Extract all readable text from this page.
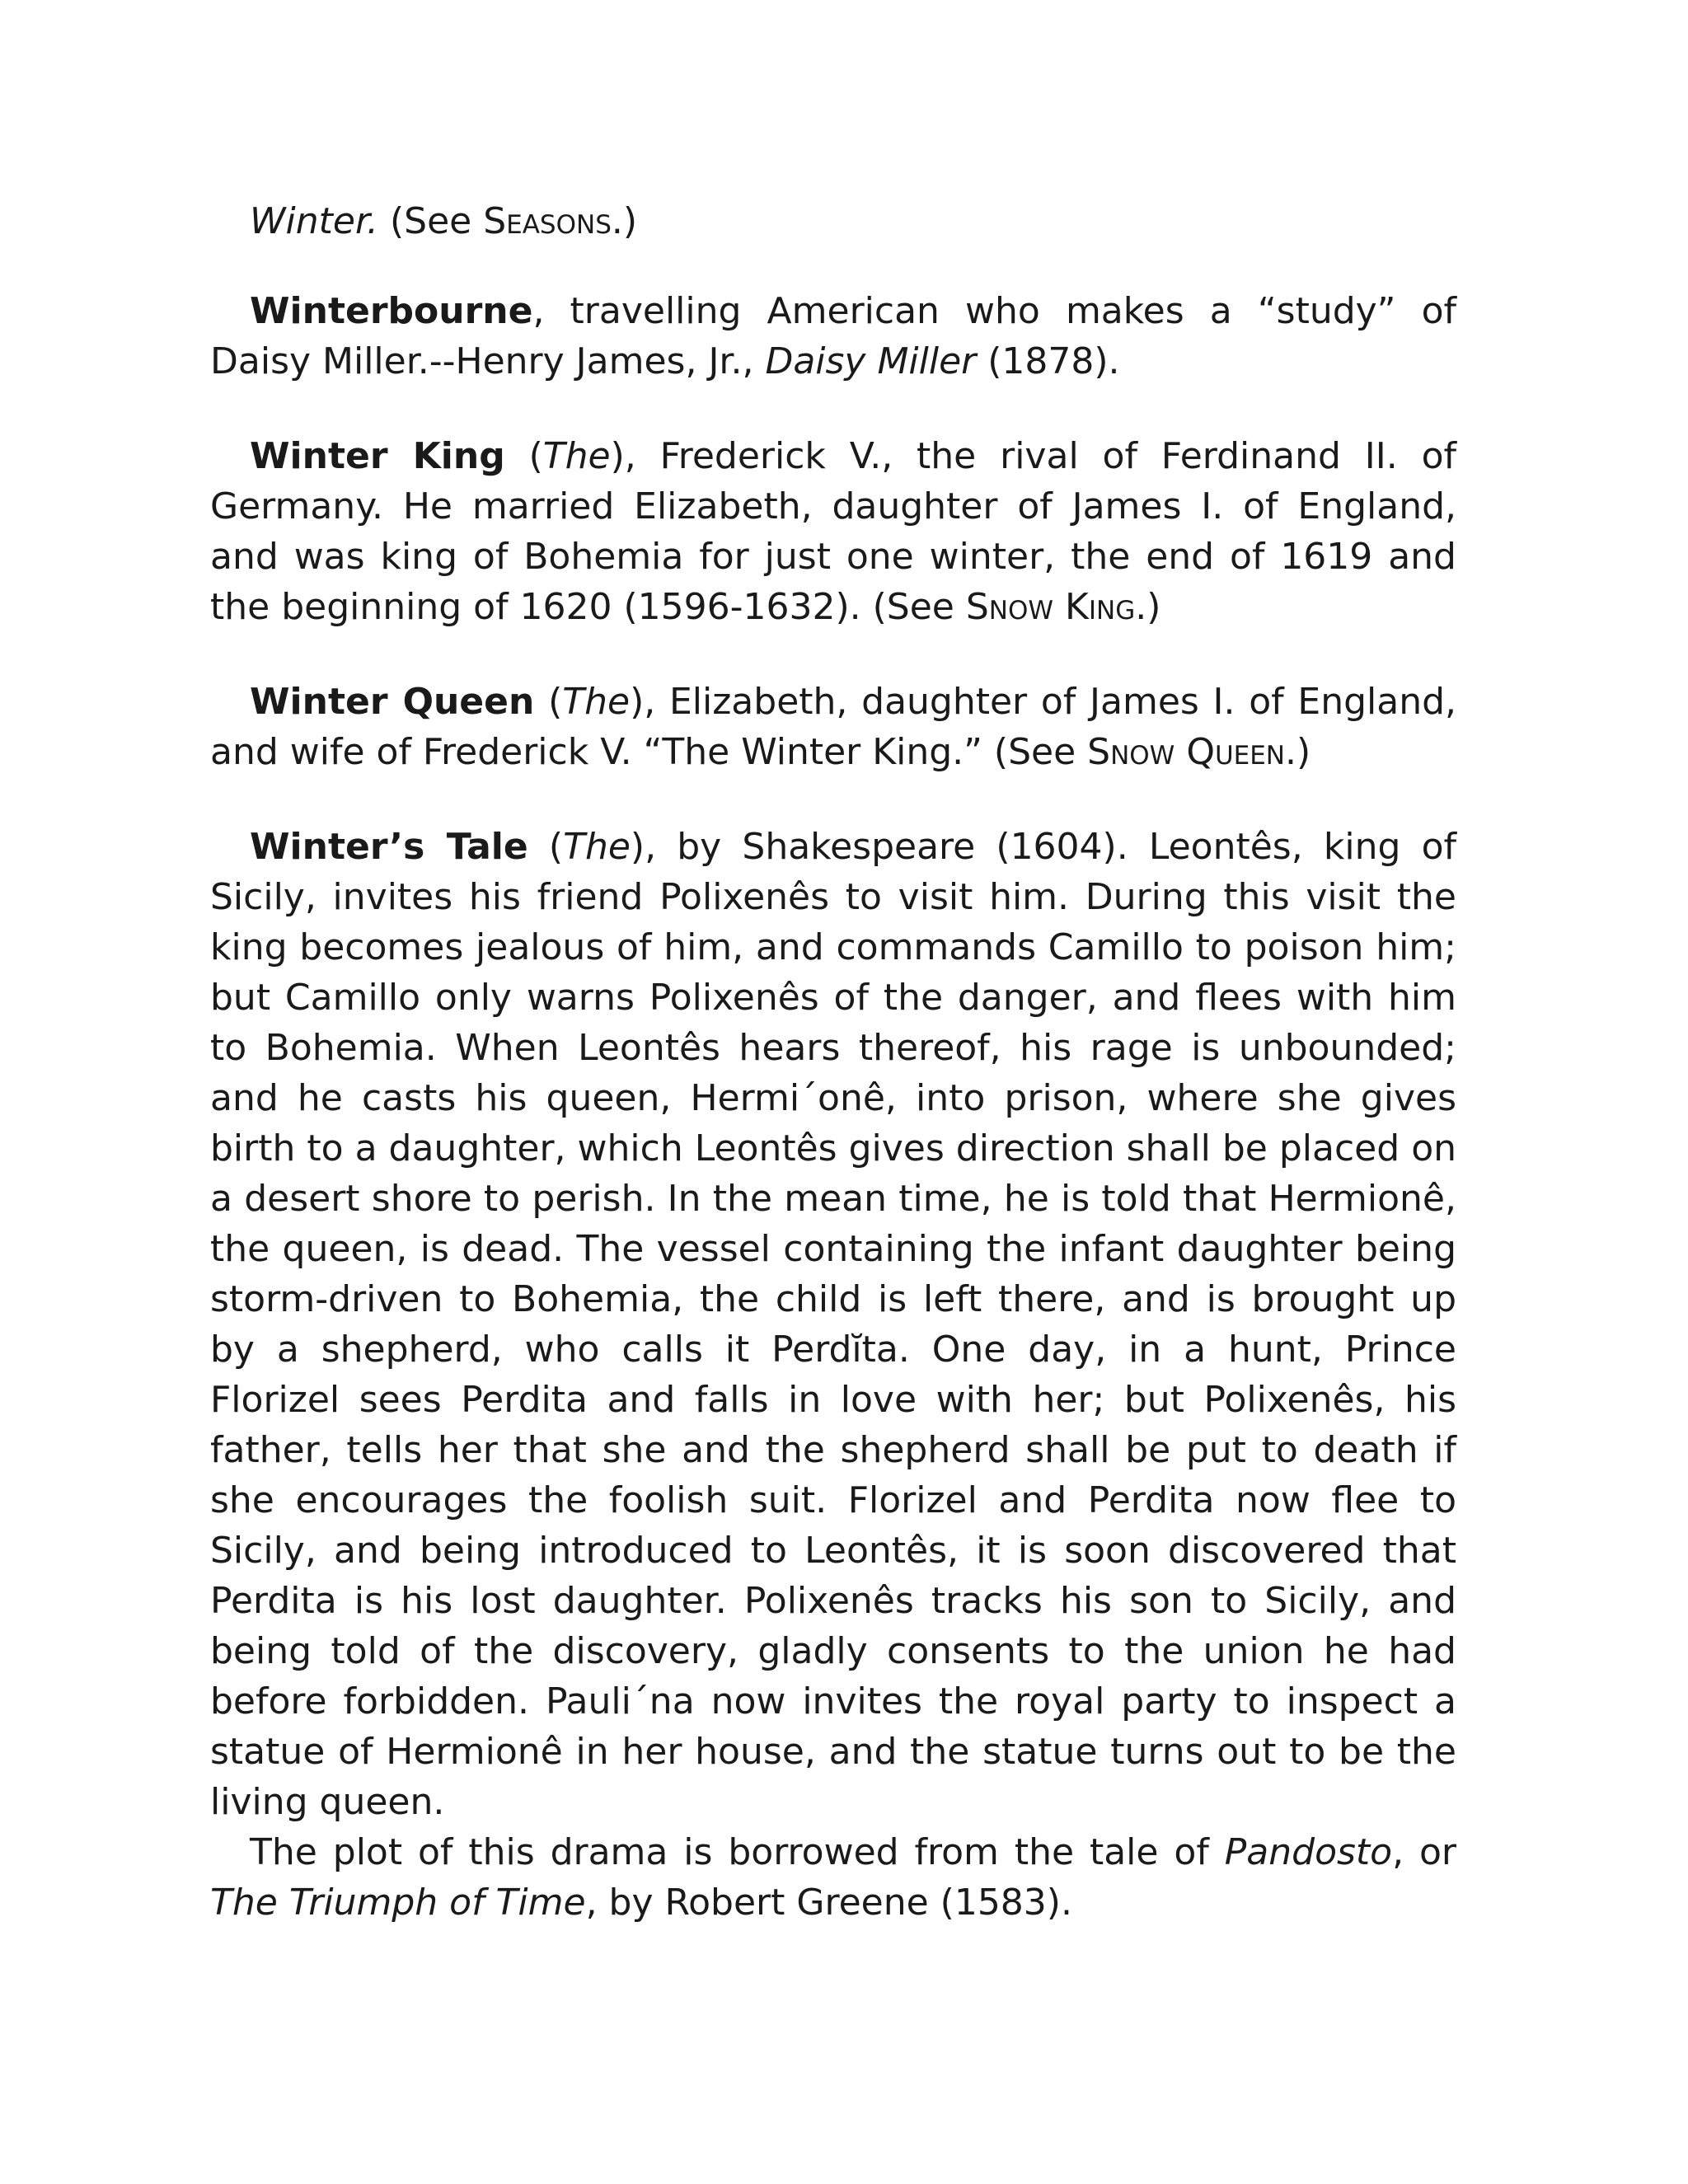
Winter. (See Seasons.)

Winterbourne, travelling American who makes a “study” of Daisy Miller.--Henry James, Jr., Daisy Miller (1878).

Winter King (The), Frederick V., the rival of Ferdinand II. of Germany. He married Elizabeth, daughter of James I. of England, and was king of Bohemia for just one winter, the end of 1619 and the beginning of 1620 (1596-1632). (See Snow King.)

Winter Queen (The), Elizabeth, daughter of James I. of England, and wife of Frederick V. “The Winter King.” (See Snow Queen.)

Winter’s Tale (The), by Shakespeare (1604). Leontês, king of Sicily, invites his friend Polixenês to visit him. During this visit the king becomes jealous of him, and commands Camillo to poison him; but Camillo only warns Polixenês of the danger, and flees with him to Bohemia. When Leontês hears thereof, his rage is unbounded; and he casts his queen, Hermi´onê, into prison, where she gives birth to a daughter, which Leontês gives direction shall be placed on a desert shore to perish. In the mean time, he is told that Hermionê, the queen, is dead. The vessel containing the infant daughter being storm-driven to Bohemia, the child is left there, and is brought up by a shepherd, who calls it Perdĭta. One day, in a hunt, Prince Florizel sees Perdita and falls in love with her; but Polixenês, his father, tells her that she and the shepherd shall be put to death if she encourages the foolish suit. Florizel and Perdita now flee to Sicily, and being introduced to Leontês, it is soon discovered that Perdita is his lost daughter. Polixenês tracks his son to Sicily, and being told of the discovery, gladly consents to the union he had before forbidden. Pauli´na now invites the royal party to inspect a statue of Hermionê in her house, and the statue turns out to be the living queen.

The plot of this drama is borrowed from the tale of Pandosto, or The Triumph of Time, by Robert Greene (1583).
